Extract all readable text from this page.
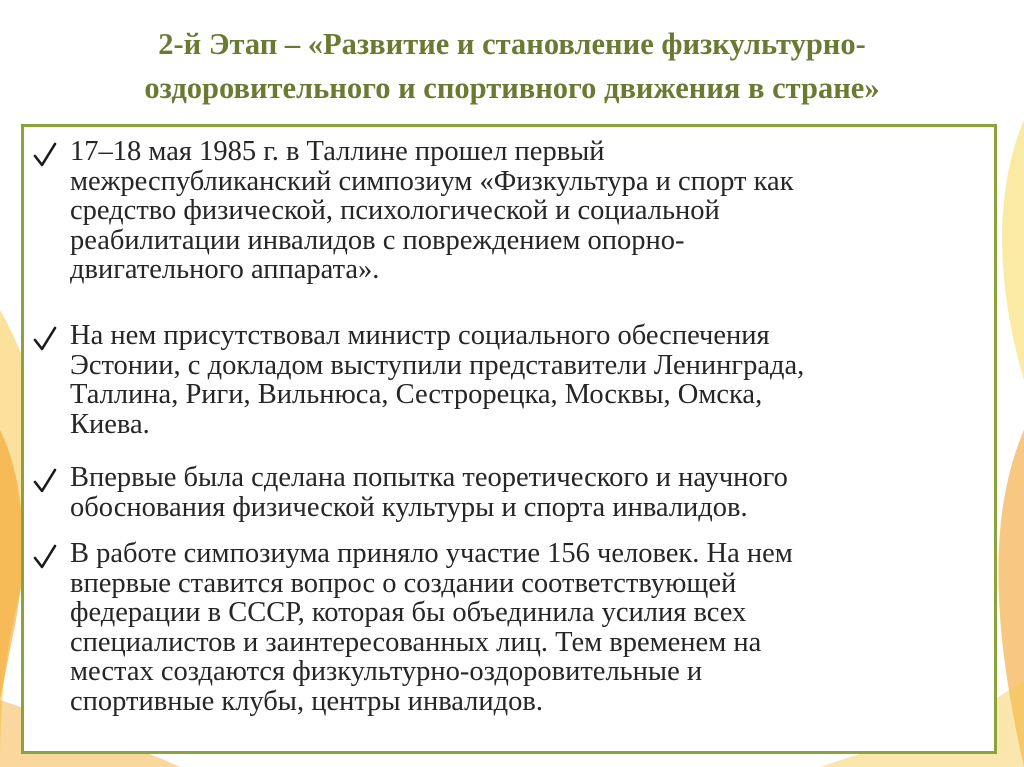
2-й Этап – «Развитие и становление физкультурно-
оздоровительного и спортивного движения в стране»
17–18 мая 1985 г. в Таллине прошел первый
межреспубликанский симпозиум «Физкультура и спорт как
средство физической, психологической и социальной
реабилитации инвалидов с повреждением опорно-
двигательного аппарата».
На нем присутствовал министр социального обеспечения
Эстонии, с докладом выступили представители Ленинграда,
Таллина, Риги, Вильнюса, Сестрорецка, Москвы, Омска,
Киева.
Впервые была сделана попытка теоретического и научного
обоснования физической культуры и спорта инвалидов.
В работе симпозиума приняло участие 156 человек. На нем
впервые ставится вопрос о создании соответствующей
федерации в СССР, которая бы объединила усилия всех
специалистов и заинтересованных лиц. Тем временем на
местах создаются физкультурно-оздоровительные и
спортивные клубы, центры инвалидов.
